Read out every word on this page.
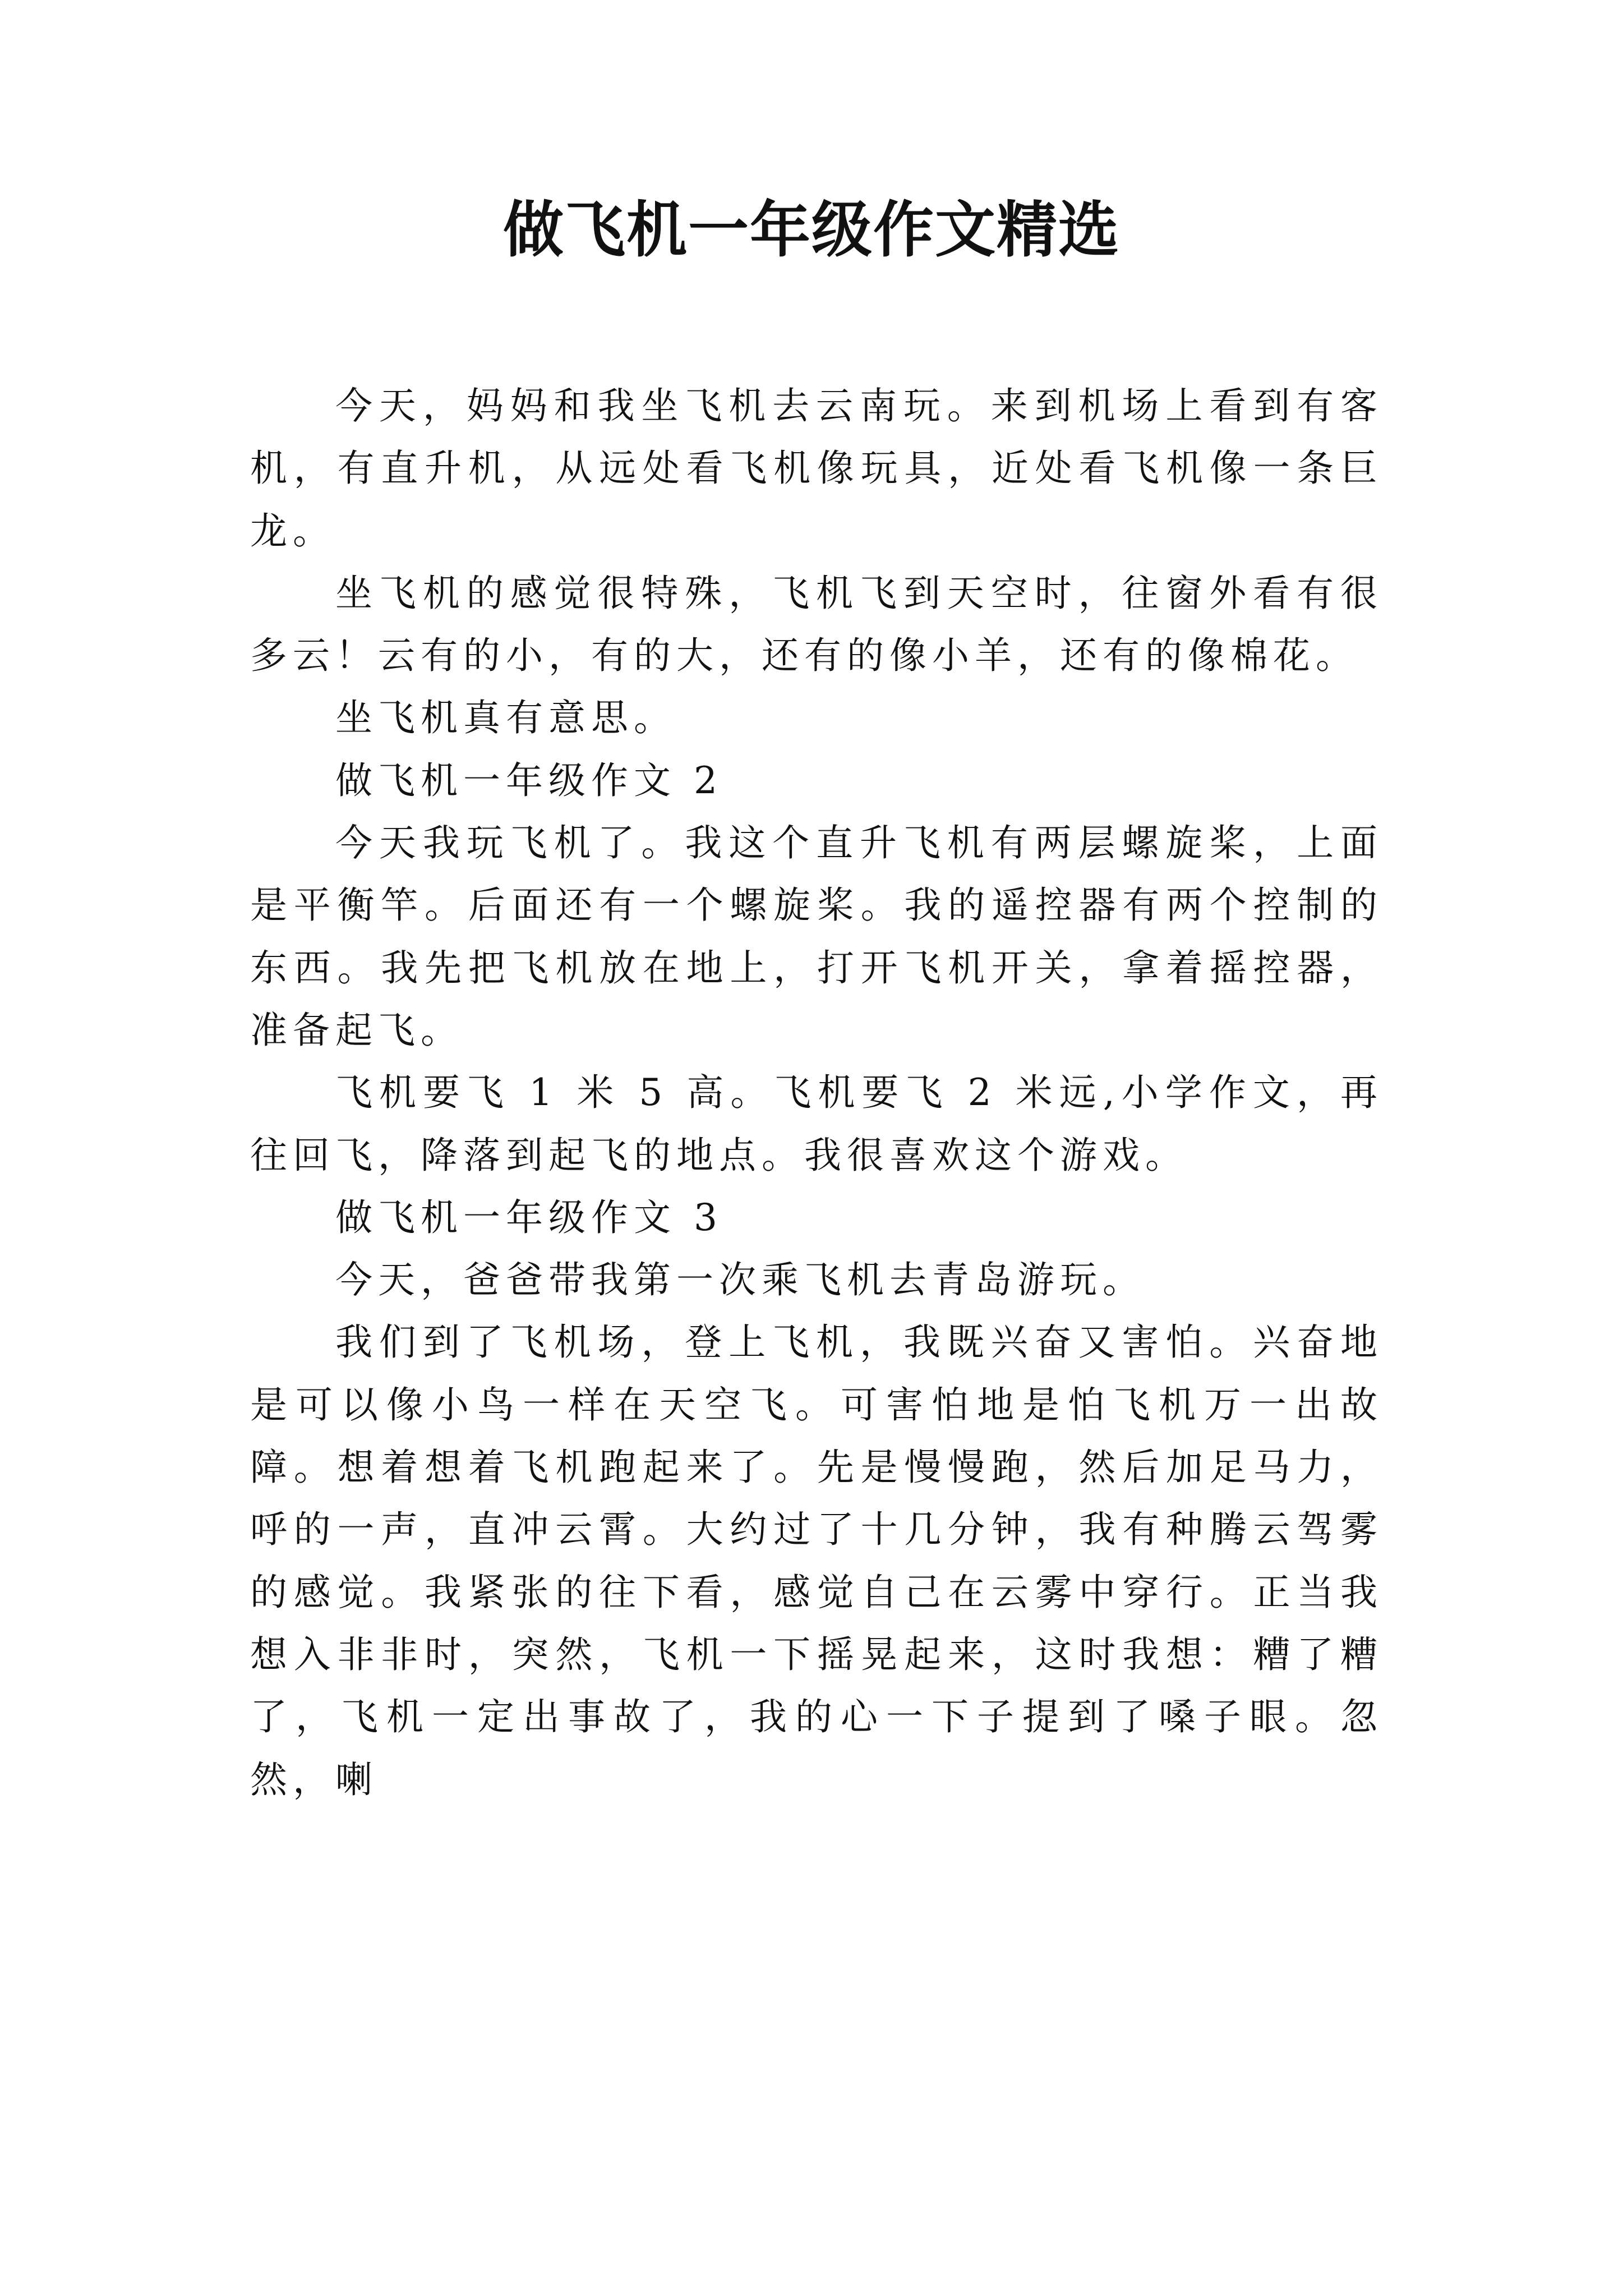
做飞机一年级作文精选

今天，妈妈和我坐飞机去云南玩。来到机场上看到有客机，有直升机，从远处看飞机像玩具，近处看飞机像一条巨龙。

坐飞机的感觉很特殊，飞机飞到天空时，往窗外看有很多云！云有的小，有的大，还有的像小羊，还有的像棉花。

坐飞机真有意思。

做飞机一年级作文 2

今天我玩飞机了。我这个直升飞机有两层螺旋桨，上面是平衡竿。后面还有一个螺旋桨。我的遥控器有两个控制的东西。我先把飞机放在地上，打开飞机开关，拿着摇控器，准备起飞。

飞机要飞 1 米 5 高。飞机要飞 2 米远,小学作文，再往回飞，降落到起飞的地点。我很喜欢这个游戏。

做飞机一年级作文 3

今天，爸爸带我第一次乘飞机去青岛游玩。

我们到了飞机场，登上飞机，我既兴奋又害怕。兴奋地是可以像小鸟一样在天空飞。可害怕地是怕飞机万一出故障。想着想着飞机跑起来了。先是慢慢跑，然后加足马力，呼的一声，直冲云霄。大约过了十几分钟，我有种腾云驾雾的感觉。我紧张的往下看，感觉自己在云雾中穿行。正当我想入非非时，突然，飞机一下摇晃起来，这时我想：糟了糟了，飞机一定出事故了，我的心一下子提到了嗓子眼。忽然，喇
